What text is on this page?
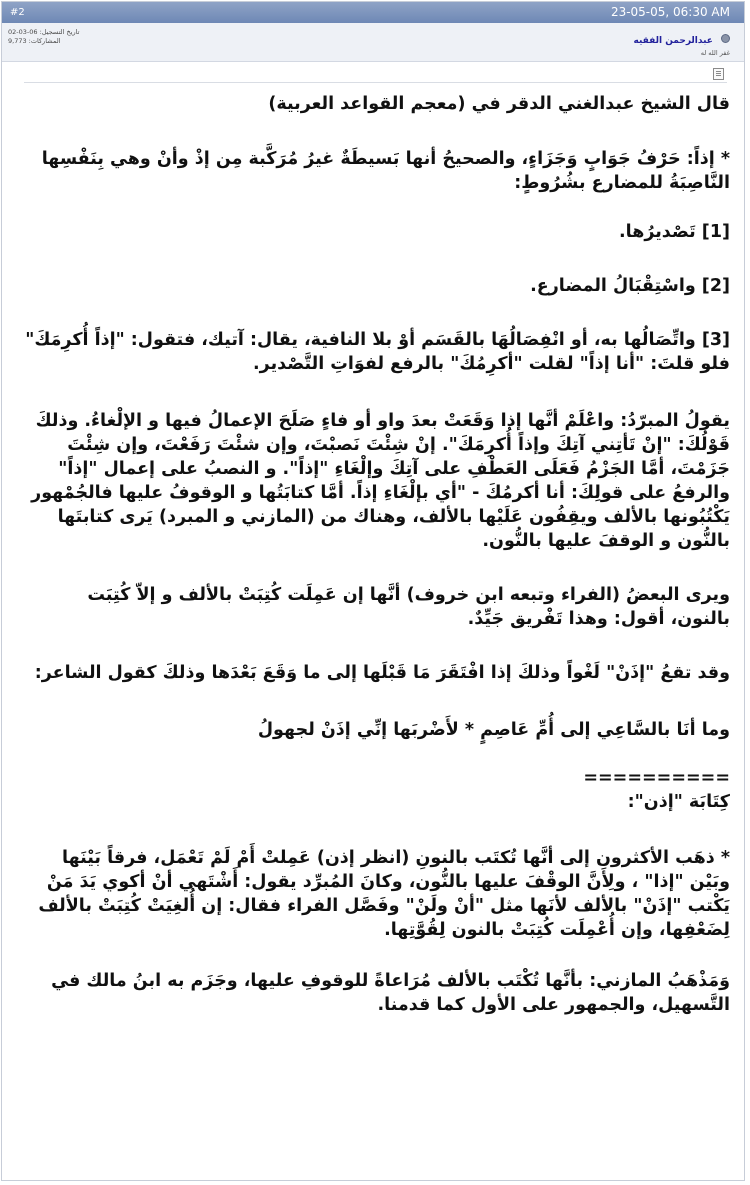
#2	23-05-05, 06:30 AM
تاريخ التسجيل: 06-03-02
المشاركات: 9,773	عبدالرحمن الفقيه
غفر الله له

قال الشيخ عبدالغني الدقر في (معجم القواعد العربية)

* إذاً: حَرْفُ جَوَابٍ وَجَزَاءٍ، والصحيحُ أنها بَسيطَةٌ غيرُ مُرَكَّبة مِن إذْ وأنْ وهي بِنَفْسِها النَّاصِبَةُ للمضارع بشُرُوطٍ:

[1] تَصْديرُها.

[2] واسْتِقْبَالُ المضارع.

[3] واتِّصَالُها به، أو انْفِصَالُهَا بالقَسَم أوْ بلا النافية، يقال: آتيك، فتقول: "إذاً أُكرِمَكَ" فلو قلتَ: "أنا إذاً" لقلت "أكرِمُكَ" بالرفع لفوَاتِ التَّصْدير.

يقولُ المبرّدُ: واعْلَمْ أنَّها إذا وَقَعَتْ بعدَ واو أو فاءٍ صَلَحَ الإعمالُ فيها و الإلْغاءُ. وذلكَ قَوْلُكَ: "إنْ تَأتِني آتِكَ وإذاً أُكرِمَكَ". إنْ شِئْتَ نَصبْتَ، وإن شئْتَ رَفَعْتَ، وإن شِئْتَ جَزَمْتَ، أمَّا الجَزْمُ فَعَلَى العَطْفِ على آتِكَ وإلْغَاءِ "إذاً". و النصبُ على إعمال "إذاً" والرفعُ على قولِكَ: أنا أكرمُكَ - "أي بإلْغَاءِ إذاً. أمَّا كتابَتُها و الوقوفُ عليها فالجُمْهور يَكْتُبُونها بالألف ويقِفُون عَلَيْها بالألف، وهناك من (المازني و المبرد) يَرى كتابتَها بالنُّون و الوقفَ عليها بالنُّون.

ويرى البعضُ (الفراء وتبعه ابن خروف) أنَّها إن عَمِلَت كُتِبَتْ بالألف و إلاّ كُتِبَت بالنون، أقول: وهذا تَفْريق جَيِّدٌ.

وقد تقعُ "إذَنْ" لَغْواً وذلكَ إذا افْتَقَرَ مَا قَبْلَها إلى ما وَقَعَ بَعْدَها وذلكَ كقول الشاعر:

وما أنَا بالسَّاعِي إلى أُمِّ عَاصِمٍ * لأَضْربَها إنِّي إذَنْ لجهولُ

==========
كِتَابَة "إذن":

* ذهَب الأكثرون إلى أنَّها تُكتَب بالنونِ (انظر إذن) عَمِلتْ أَمْ لَمْ تَعْمَل، فرقاً بَيْنَها وبَيْن "إذا" ، ولِأَنَّ الوقْفَ عليها بالنُّون، وكانَ المُبرِّد يقول: أَشْتَهي أنْ أكوي يَدَ مَنْ يَكْتب "إذَنْ" بالألف لأنَها مثل "أنْ ولَنْ" وفَصَّل الفراء فقال: إن أُلغِيَتْ كُتِبَتْ بالألف لِضَعْفِها، وإن أُعْمِلَت كُتِبَتْ بالنون لِقُوَّتِها.

وَمَذْهَبُ المازني: بأنَّها تُكْتَب بالألف مُرَاعاةً للوقوفِ عليها، وجَزَم به ابنُ مالك في التَّسهيل، والجمهور على الأول كما قدمنا.
